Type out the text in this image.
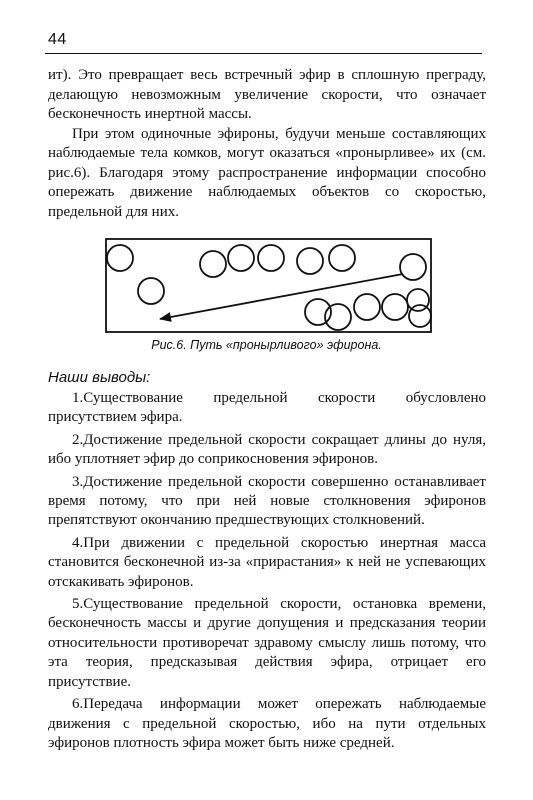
44

ит). Это превращает весь встречный эфир в сплошную преграду, делающую невозможным увеличение скорости, что означает бесконечность инертной массы.

При этом одиночные эфироны, будучи меньше составляющих наблюдаемые тела комков, могут оказаться «пронырливее» их (см. рис.6). Благодаря этому распространение информации способно опережать движение наблюдаемых объектов со скоростью, предельной для них.

Рис.6. Путь «пронырливого» эфирона.
Наши выводы:

1.Существование предельной скорости обусловлено присутствием эфира.

2.Достижение предельной скорости сокращает длины до нуля, ибо уплотняет эфир до соприкосновения эфиронов.

3.Достижение предельной скорости совершенно останавливает время потому, что при ней новые столкновения эфиронов препятствуют окончанию предшествующих столкновений.

4.При движении с предельной скоростью инертная масса становится бесконечной из-за «прирастания» к ней не успевающих отскакивать эфиронов.

5.Существование предельной скорости, остановка времени, бесконечность массы и другие допущения и предсказания теории относительности противоречат здравому смыслу лишь потому, что эта теория, предсказывая действия эфира, отрицает его присутствие.

6.Передача информации может опережать наблюдаемые движения с предельной скоростью, ибо на пути отдельных эфиронов плотность эфира может быть ниже средней.
